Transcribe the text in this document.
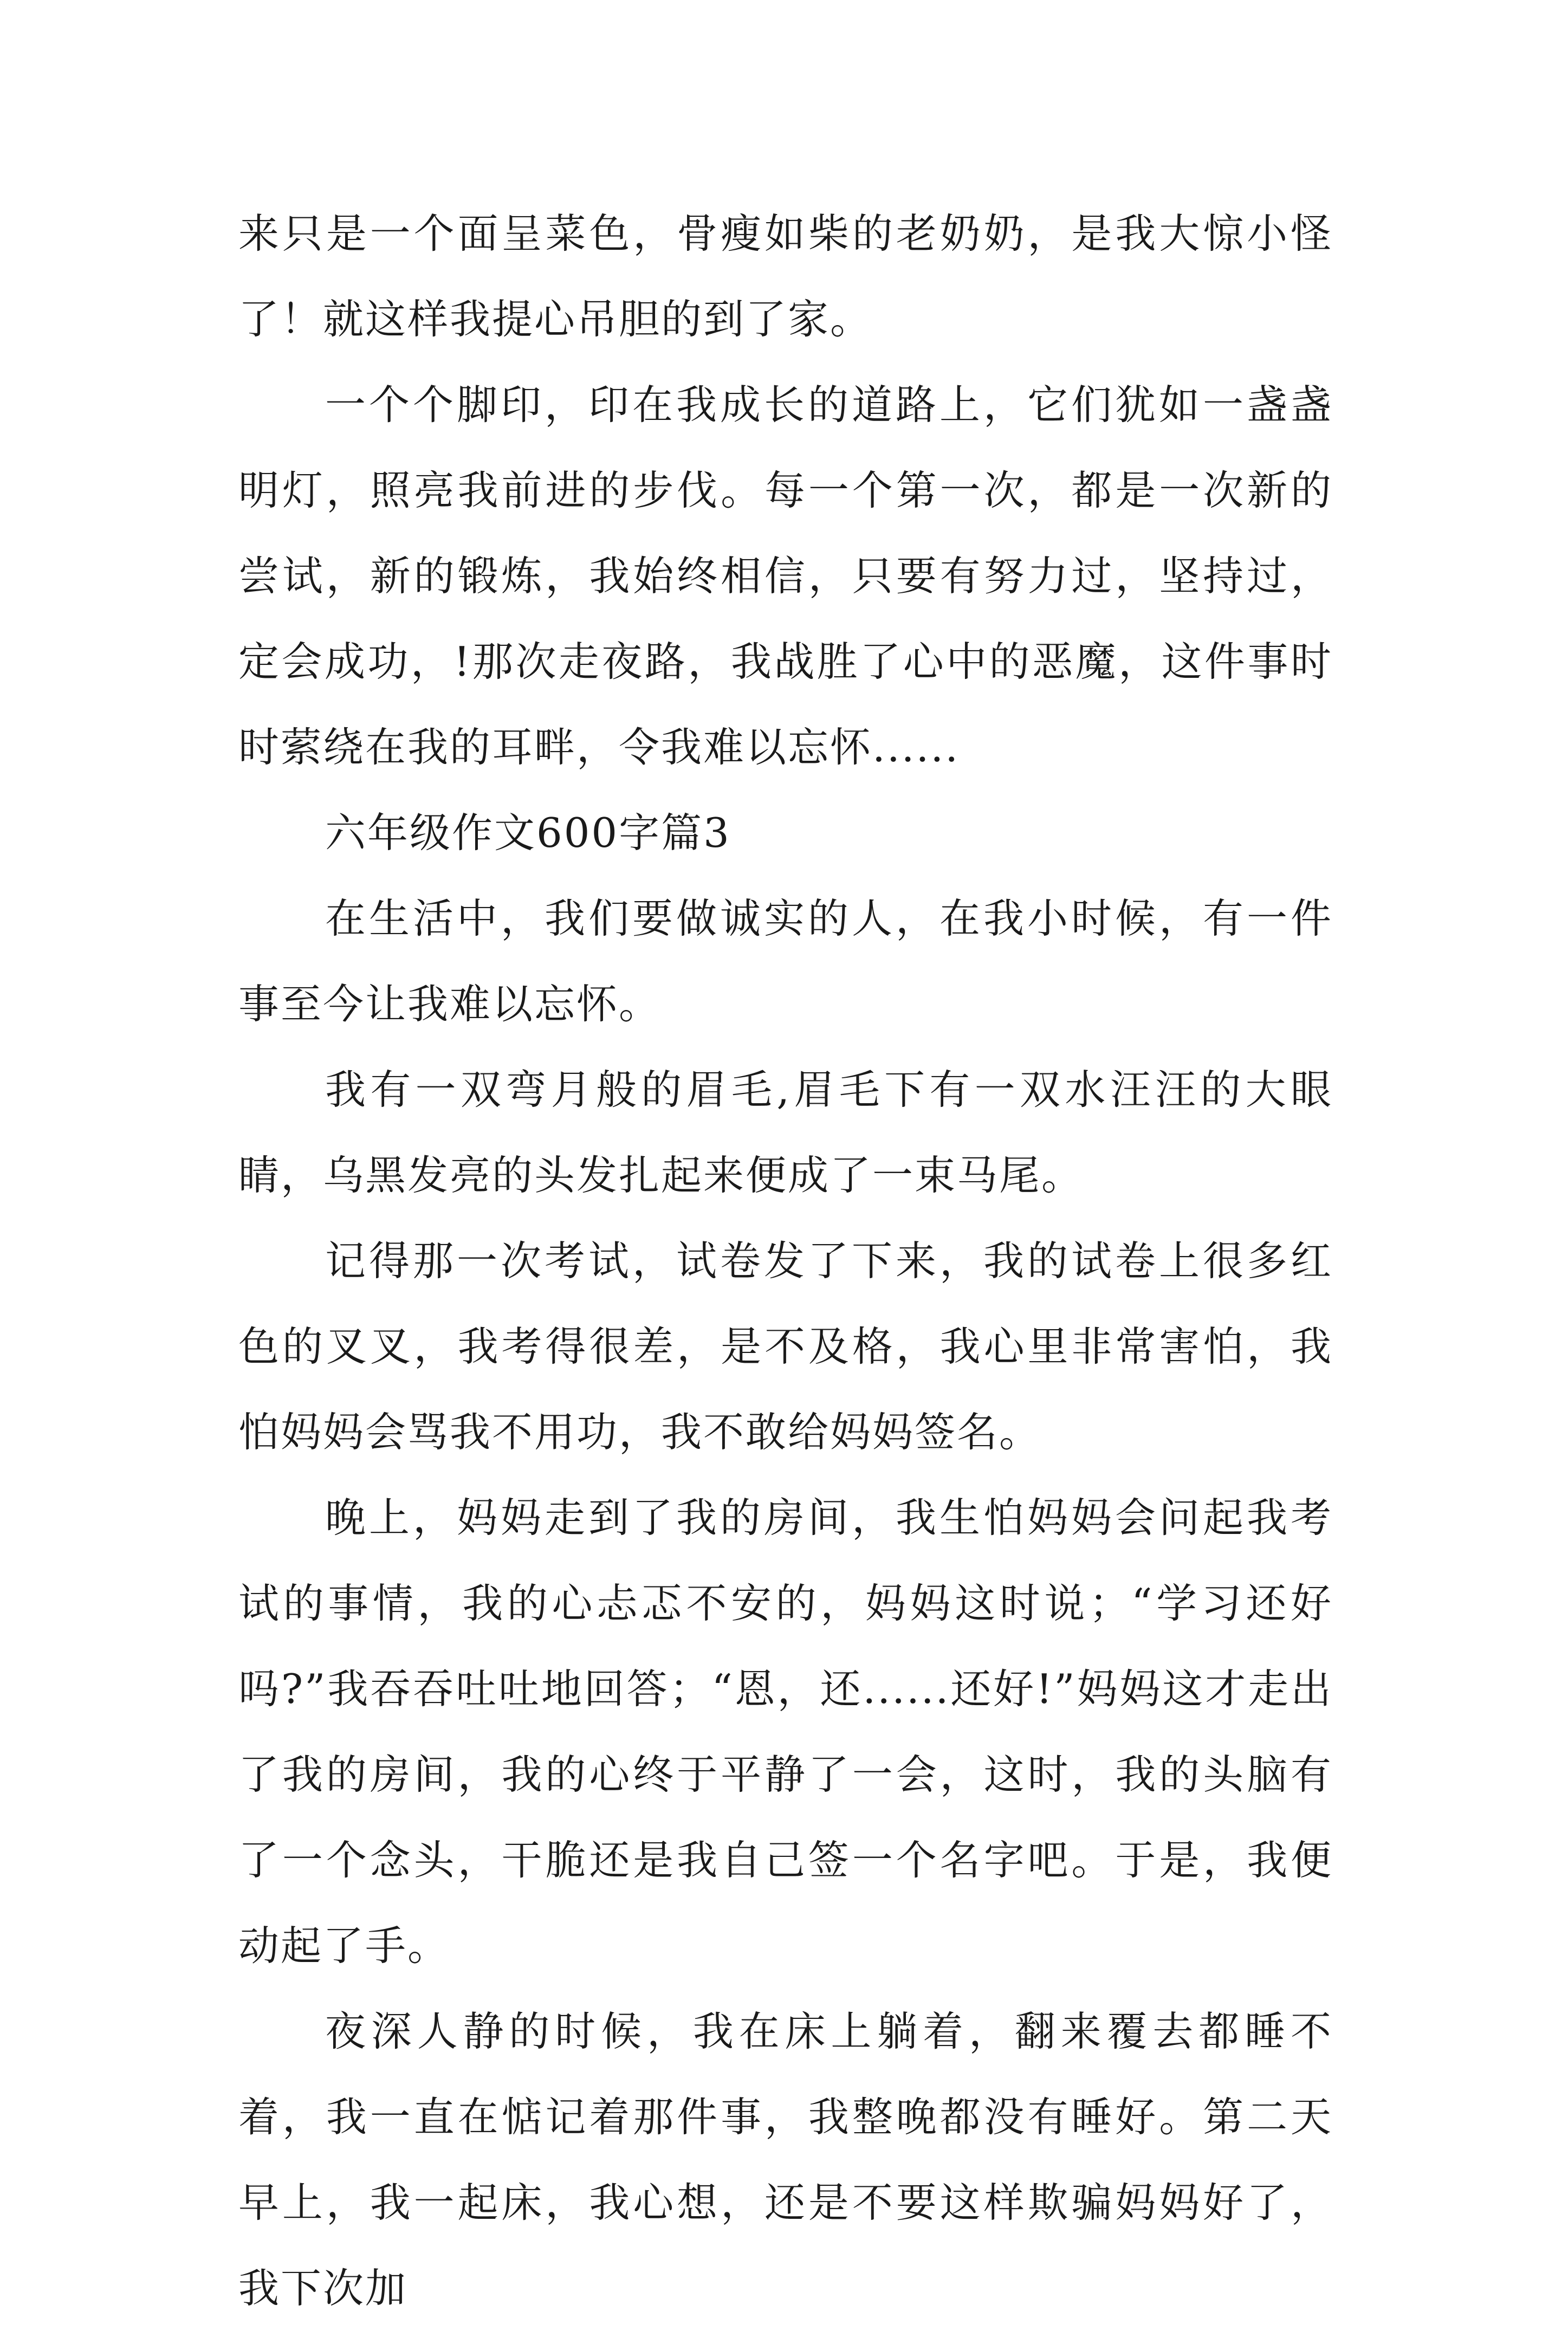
来只是一个面呈菜色，骨瘦如柴的老奶奶，是我大惊小怪了！就这样我提心吊胆的到了家。

一个个脚印，印在我成长的道路上，它们犹如一盏盏明灯，照亮我前进的步伐。每一个第一次，都是一次新的尝试，新的锻炼，我始终相信，只要有努力过，坚持过，定会成功，!那次走夜路，我战胜了心中的恶魔，这件事时时萦绕在我的耳畔，令我难以忘怀......

六年级作文600字篇3

在生活中，我们要做诚实的人，在我小时候，有一件事至今让我难以忘怀。

我有一双弯月般的眉毛,眉毛下有一双水汪汪的大眼睛，乌黑发亮的头发扎起来便成了一束马尾。

记得那一次考试，试卷发了下来，我的试卷上很多红色的叉叉，我考得很差，是不及格，我心里非常害怕，我怕妈妈会骂我不用功，我不敢给妈妈签名。

晚上，妈妈走到了我的房间，我生怕妈妈会问起我考试的事情，我的心忐忑不安的，妈妈这时说；“学习还好吗?”我吞吞吐吐地回答；“恩，还......还好!”妈妈这才走出了我的房间，我的心终于平静了一会，这时，我的头脑有了一个念头，干脆还是我自己签一个名字吧。于是，我便动起了手。

夜深人静的时候，我在床上躺着，翻来覆去都睡不着，我一直在惦记着那件事，我整晚都没有睡好。第二天早上，我一起床，我心想，还是不要这样欺骗妈妈好了，我下次加
